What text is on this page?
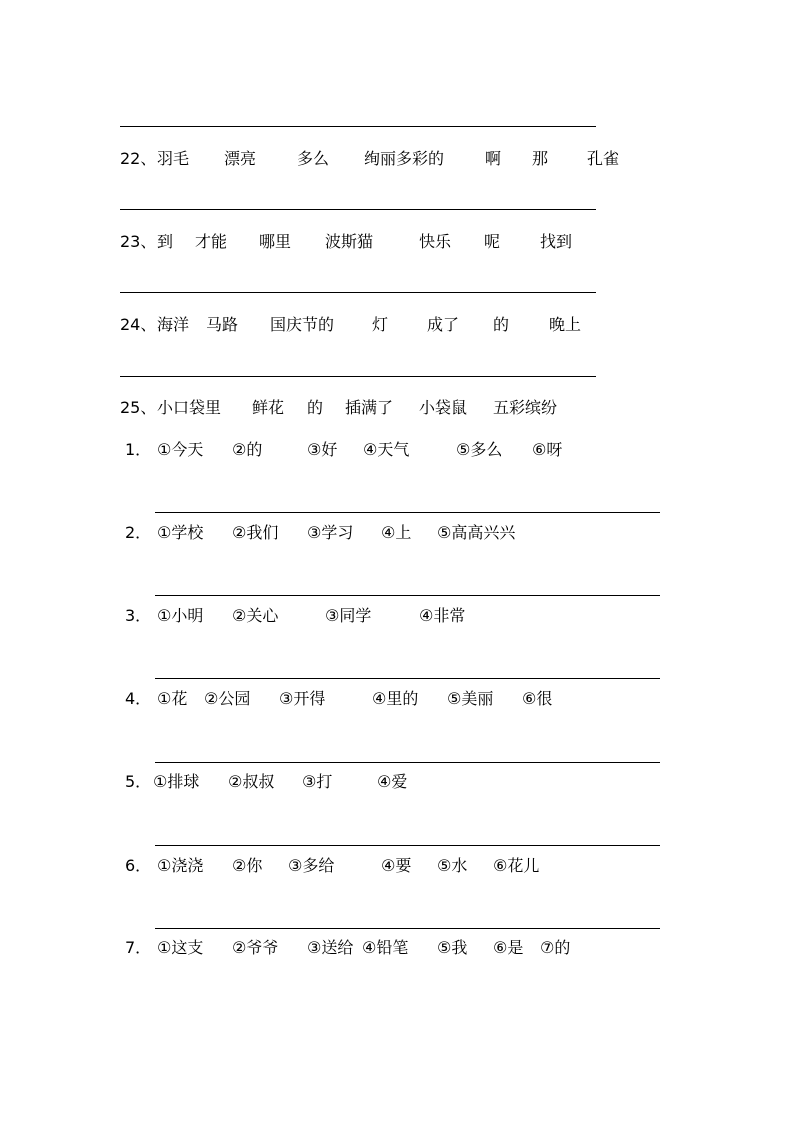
22、 羽毛 漂亮	多么 绚丽多彩的	啊 那 孔雀
23、 到 才能 哪里 波斯猫	快乐 呢 找到
24、 海洋 马路 国庆节的 灯 成了 的 晚上
25、 小口袋里 鲜花 的 插满了 小袋鼠 五彩缤纷
1． ①今天 ②的	③好 ④天气	⑤多么 ⑥呀
2． ①学校 ②我们 ③学习 ④上 ⑤高高兴兴
3． ①小明 ②关心	③同学	④非常
4． ①花 ②公园 ③开得	④里的 ⑤美丽 ⑥很
5． ①排球 ②叔叔 ③打	④爱
6． ①浇浇 ②你 ③多给	④要 ⑤水 ⑥花儿
7． ①这支 ②爷爷 ③送给 ④铅笔 ⑤我 ⑥是 ⑦的
